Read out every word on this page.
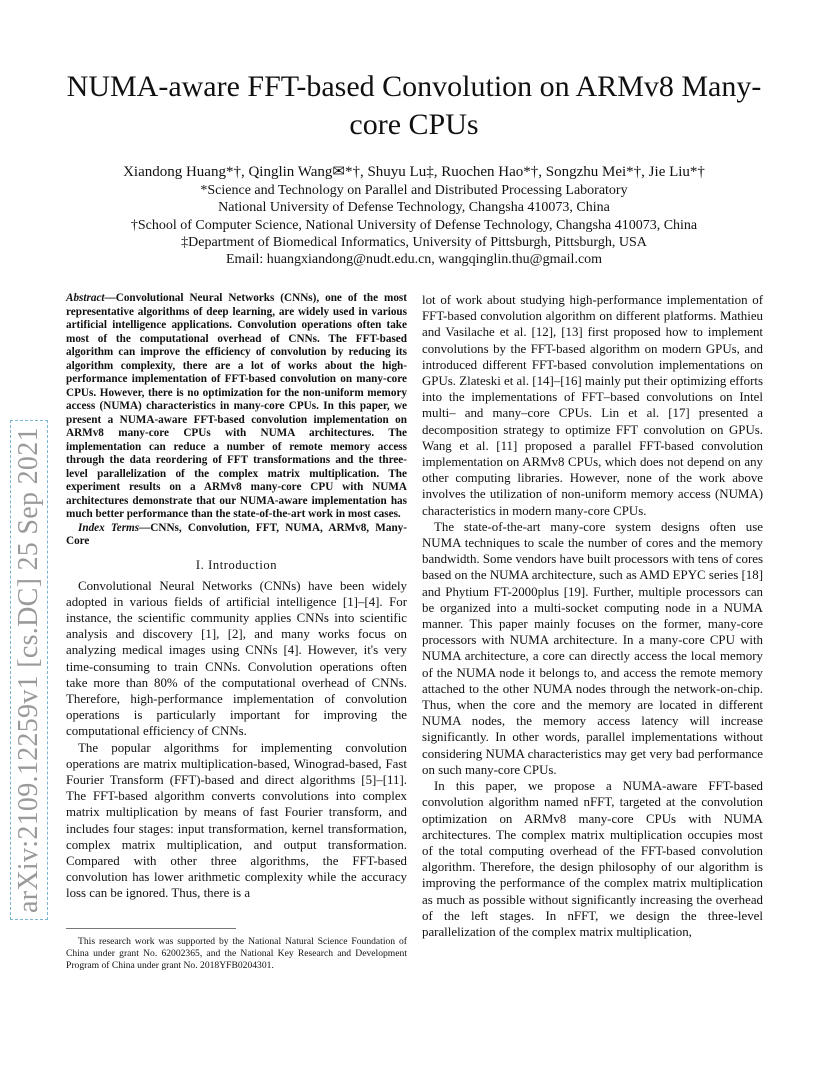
NUMA-aware FFT-based Convolution on ARMv8 Many-core CPUs
Xiandong Huang*†, Qinglin Wang✉*†, Shuyu Lu‡, Ruochen Hao*†, Songzhu Mei*†, Jie Liu*†
*Science and Technology on Parallel and Distributed Processing Laboratory
National University of Defense Technology, Changsha 410073, China
†School of Computer Science, National University of Defense Technology, Changsha 410073, China
‡Department of Biomedical Informatics, University of Pittsburgh, Pittsburgh, USA
Email: huangxiandong@nudt.edu.cn, wangqinglin.thu@gmail.com
arXiv:2109.12259v1 [cs.DC] 25 Sep 2021

Abstract—Convolutional Neural Networks (CNNs), one of the most representative algorithms of deep learning, are widely used in various artificial intelligence applications. Convolution operations often take most of the computational overhead of CNNs. The FFT-based algorithm can improve the efficiency of convolution by reducing its algorithm complexity, there are a lot of works about the high-performance implementation of FFT-based convolution on many-core CPUs. However, there is no optimization for the non-uniform memory access (NUMA) characteristics in many-core CPUs. In this paper, we present a NUMA-aware FFT-based convolution implementation on ARMv8 many-core CPUs with NUMA architectures. The implementation can reduce a number of remote memory access through the data reordering of FFT transformations and the three-level parallelization of the complex matrix multiplication. The experiment results on a ARMv8 many-core CPU with NUMA architectures demonstrate that our NUMA-aware implementation has much better performance than the state-of-the-art work in most cases.

Index Terms—CNNs, Convolution, FFT, NUMA, ARMv8, Many-Core

I. Introduction

Convolutional Neural Networks (CNNs) have been widely adopted in various fields of artificial intelligence [1]–[4]. For instance, the scientific community applies CNNs into scientific analysis and discovery [1], [2], and many works focus on analyzing medical images using CNNs [4]. However, it's very time-consuming to train CNNs. Convolution operations often take more than 80% of the computational overhead of CNNs. Therefore, high-performance implementation of convolution operations is particularly important for improving the computational efficiency of CNNs.

The popular algorithms for implementing convolution operations are matrix multiplication-based, Winograd-based, Fast Fourier Transform (FFT)-based and direct algorithms [5]–[11]. The FFT-based algorithm converts convolutions into complex matrix multiplication by means of fast Fourier transform, and includes four stages: input transformation, kernel transformation, complex matrix multiplication, and output transformation. Compared with other three algorithms, the FFT-based convolution has lower arithmetic complexity while the accuracy loss can be ignored. Thus, there is a

This research work was supported by the National Natural Science Foundation of China under grant No. 62002365, and the National Key Research and Development Program of China under grant No. 2018YFB0204301.

lot of work about studying high-performance implementation of FFT-based convolution algorithm on different platforms. Mathieu and Vasilache et al. [12], [13] first proposed how to implement convolutions by the FFT-based algorithm on modern GPUs, and introduced different FFT-based convolution implementations on GPUs. Zlateski et al. [14]–[16] mainly put their optimizing efforts into the implementations of FFT–based convolutions on Intel multi– and many–core CPUs. Lin et al. [17] presented a decomposition strategy to optimize FFT convolution on GPUs. Wang et al. [11] proposed a parallel FFT-based convolution implementation on ARMv8 CPUs, which does not depend on any other computing libraries. However, none of the work above involves the utilization of non-uniform memory access (NUMA) characteristics in modern many-core CPUs.

The state-of-the-art many-core system designs often use NUMA techniques to scale the number of cores and the memory bandwidth. Some vendors have built processors with tens of cores based on the NUMA architecture, such as AMD EPYC series [18] and Phytium FT-2000plus [19]. Further, multiple processors can be organized into a multi-socket computing node in a NUMA manner. This paper mainly focuses on the former, many-core processors with NUMA architecture. In a many-core CPU with NUMA architecture, a core can directly access the local memory of the NUMA node it belongs to, and access the remote memory attached to the other NUMA nodes through the network-on-chip. Thus, when the core and the memory are located in different NUMA nodes, the memory access latency will increase significantly. In other words, parallel implementations without considering NUMA characteristics may get very bad performance on such many-core CPUs.

In this paper, we propose a NUMA-aware FFT-based convolution algorithm named nFFT, targeted at the convolution optimization on ARMv8 many-core CPUs with NUMA architectures. The complex matrix multiplication occupies most of the total computing overhead of the FFT-based convolution algorithm. Therefore, the design philosophy of our algorithm is improving the performance of the complex matrix multiplication as much as possible without significantly increasing the overhead of the left stages. In nFFT, we design the three-level parallelization of the complex matrix multiplication,
